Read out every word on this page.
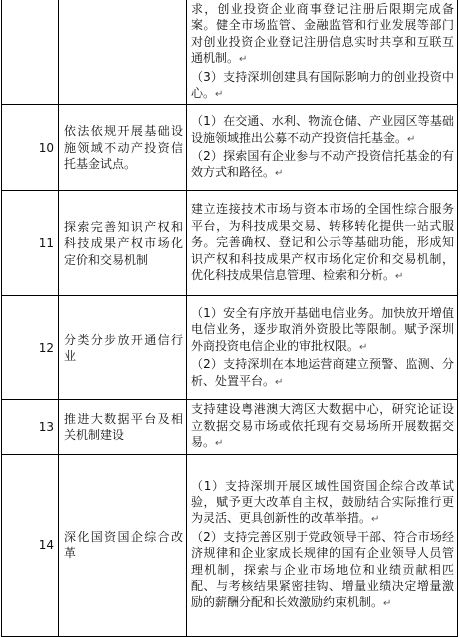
		求，创业投资企业商事登记注册后限期完成备案。健全市场监管、金融监管和行业发展等部门对创业投资企业登记注册信息实时共享和互联互通机制。↵

（3）支持深圳创建具有国际影响力的创业投资中心。↵

10	依法依规开展基础设施领域不动产投资信托基金试点。	（1）在交通、水利、物流仓储、产业园区等基础设施领域推出公募不动产投资信托基金。↵

（2）探索国有企业参与不动产投资信托基金的有效方式和路径。↵

11	探索完善知识产权和科技成果产权市场化定价和交易机制	建立连接技术市场与资本市场的全国性综合服务平台，为科技成果交易、转移转化提供一站式服务。完善确权、登记和公示等基础功能，形成知识产权和科技成果产权市场化定价和交易机制，优化科技成果信息管理、检索和分析。↵

12	分类分步放开通信行业	（1）安全有序放开基础电信业务。加快放开增值电信业务，逐步取消外资股比等限制。赋予深圳外商投资电信企业的审批权限。↵

（2）支持深圳在本地运营商建立预警、监测、分析、处置平台。↵

13	推进大数据平台及相关机制建设	支持建设粤港澳大湾区大数据中心，研究论证设立数据交易市场或依托现有交易场所开展数据交易。↵

14	深化国资国企综合改革	（1）支持深圳开展区域性国资国企综合改革试验，赋予更大改革自主权，鼓励结合实际推行更为灵活、更具创新性的改革举措。↵

（2）支持完善区别于党政领导干部、符合市场经济规律和企业家成长规律的国有企业领导人员管理机制，探索与企业市场地位和业绩贡献相匹配、与考核结果紧密挂钩、增量业绩决定增量激励的薪酬分配和长效激励约束机制。↵
